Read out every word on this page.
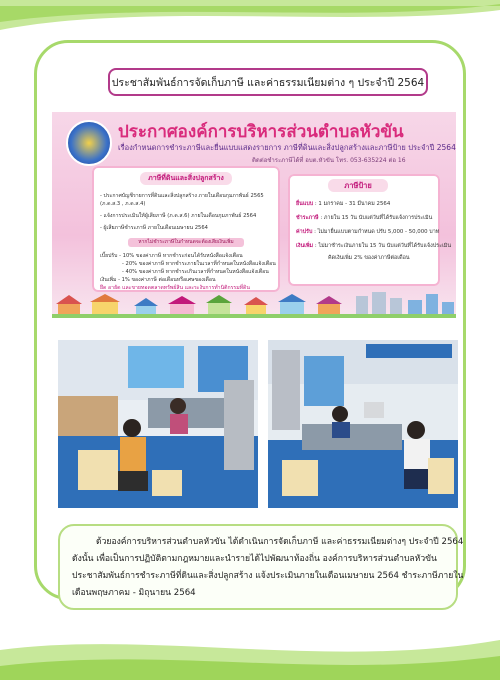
ประชาสัมพันธ์การจัดเก็บภาษี และค่าธรรมเนียมต่าง ๆ ประจำปี 2564
ประกาศองค์การบริหารส่วนตำบลหัวขัน
เรื่องกำหนดการชำระภาษีและยื่นแบบแสดงรายการ ภาษีที่ดินและสิ่งปลูกสร้างและภาษีป้าย ประจำปี 2564
ติดต่อชำระภาษีได้ที่ อบต.หัวขัน โทร. 053-635224 ต่อ 16
ภาษีที่ดินและสิ่งปลูกสร้าง
- ประกาศบัญชีรายการที่ดินและสิ่งปลูกสร้าง ภายในเดือนกุมภาพันธ์ 2565
(ภ.ด.ส.3 , ภ.ด.ส.4)
- แจ้งการประเมินให้ผู้เสียภาษี (ภ.ด.ส.6) ภายในเดือนกุมภาพันธ์ 2564
- ผู้เสียภาษีชำระภาษี ภายในเดือนเมษายน 2564
หากไม่ชำระภาษีในกำหนดจะต้องเสียเงินเพิ่ม
เบี้ยปรับ - 10% ของค่าภาษี หากชำระก่อนได้รับหนังสือแจ้งเตือน
- 20% ของค่าภาษี หากชำระภายในเวลาที่กำหนดในหนังสือแจ้งเตือน
- 40% ของค่าภาษี หากชำระเกินเวลาที่กำหนดในหนังสือแจ้งเตือน
เงินเพิ่ม - 1% ของค่าภาษี ต่อเดือนหรือเศษของเดือน
ยึด อายัด และขายทอดตลาดทรัพย์สิน และระงับการทำนิติกรรมที่ดิน
ภาษีป้าย
ยื่นแบบ : 1 มกราคม - 31 มีนาคม 2564
ชำระภาษี : ภายใน 15 วัน นับแต่วันที่ได้รับแจ้งการประเมิน
ค่าปรับ : ไม่มายื่นแบบตามกำหนด ปรับ 5,000 - 50,000 บาท
เงินเพิ่ม : ไม่มาชำระเงินภายใน 15 วัน นับแต่วันที่ได้รับแจ้งประเมิน
คิดเงินเพิ่ม 2% ของค่าภาษีต่อเดือน
ด้วยองค์การบริหารส่วนตำบลหัวขัน ได้ดำเนินการจัดเก็บภาษี และค่าธรรมเนียมต่างๆ ประจำปี 2564
ดังนั้น เพื่อเป็นการปฏิบัติตามกฎหมายและนำรายได้ไปพัฒนาท้องถิ่น องค์การบริหารส่วนตำบลหัวขัน
ประชาสัมพันธ์การชำระภาษีที่ดินและสิ่งปลูกสร้าง แจ้งประเมินภายในเดือนเมษายน 2564 ชำระภาษีภายใน
เดือนพฤษภาคม - มิถุนายน 2564
